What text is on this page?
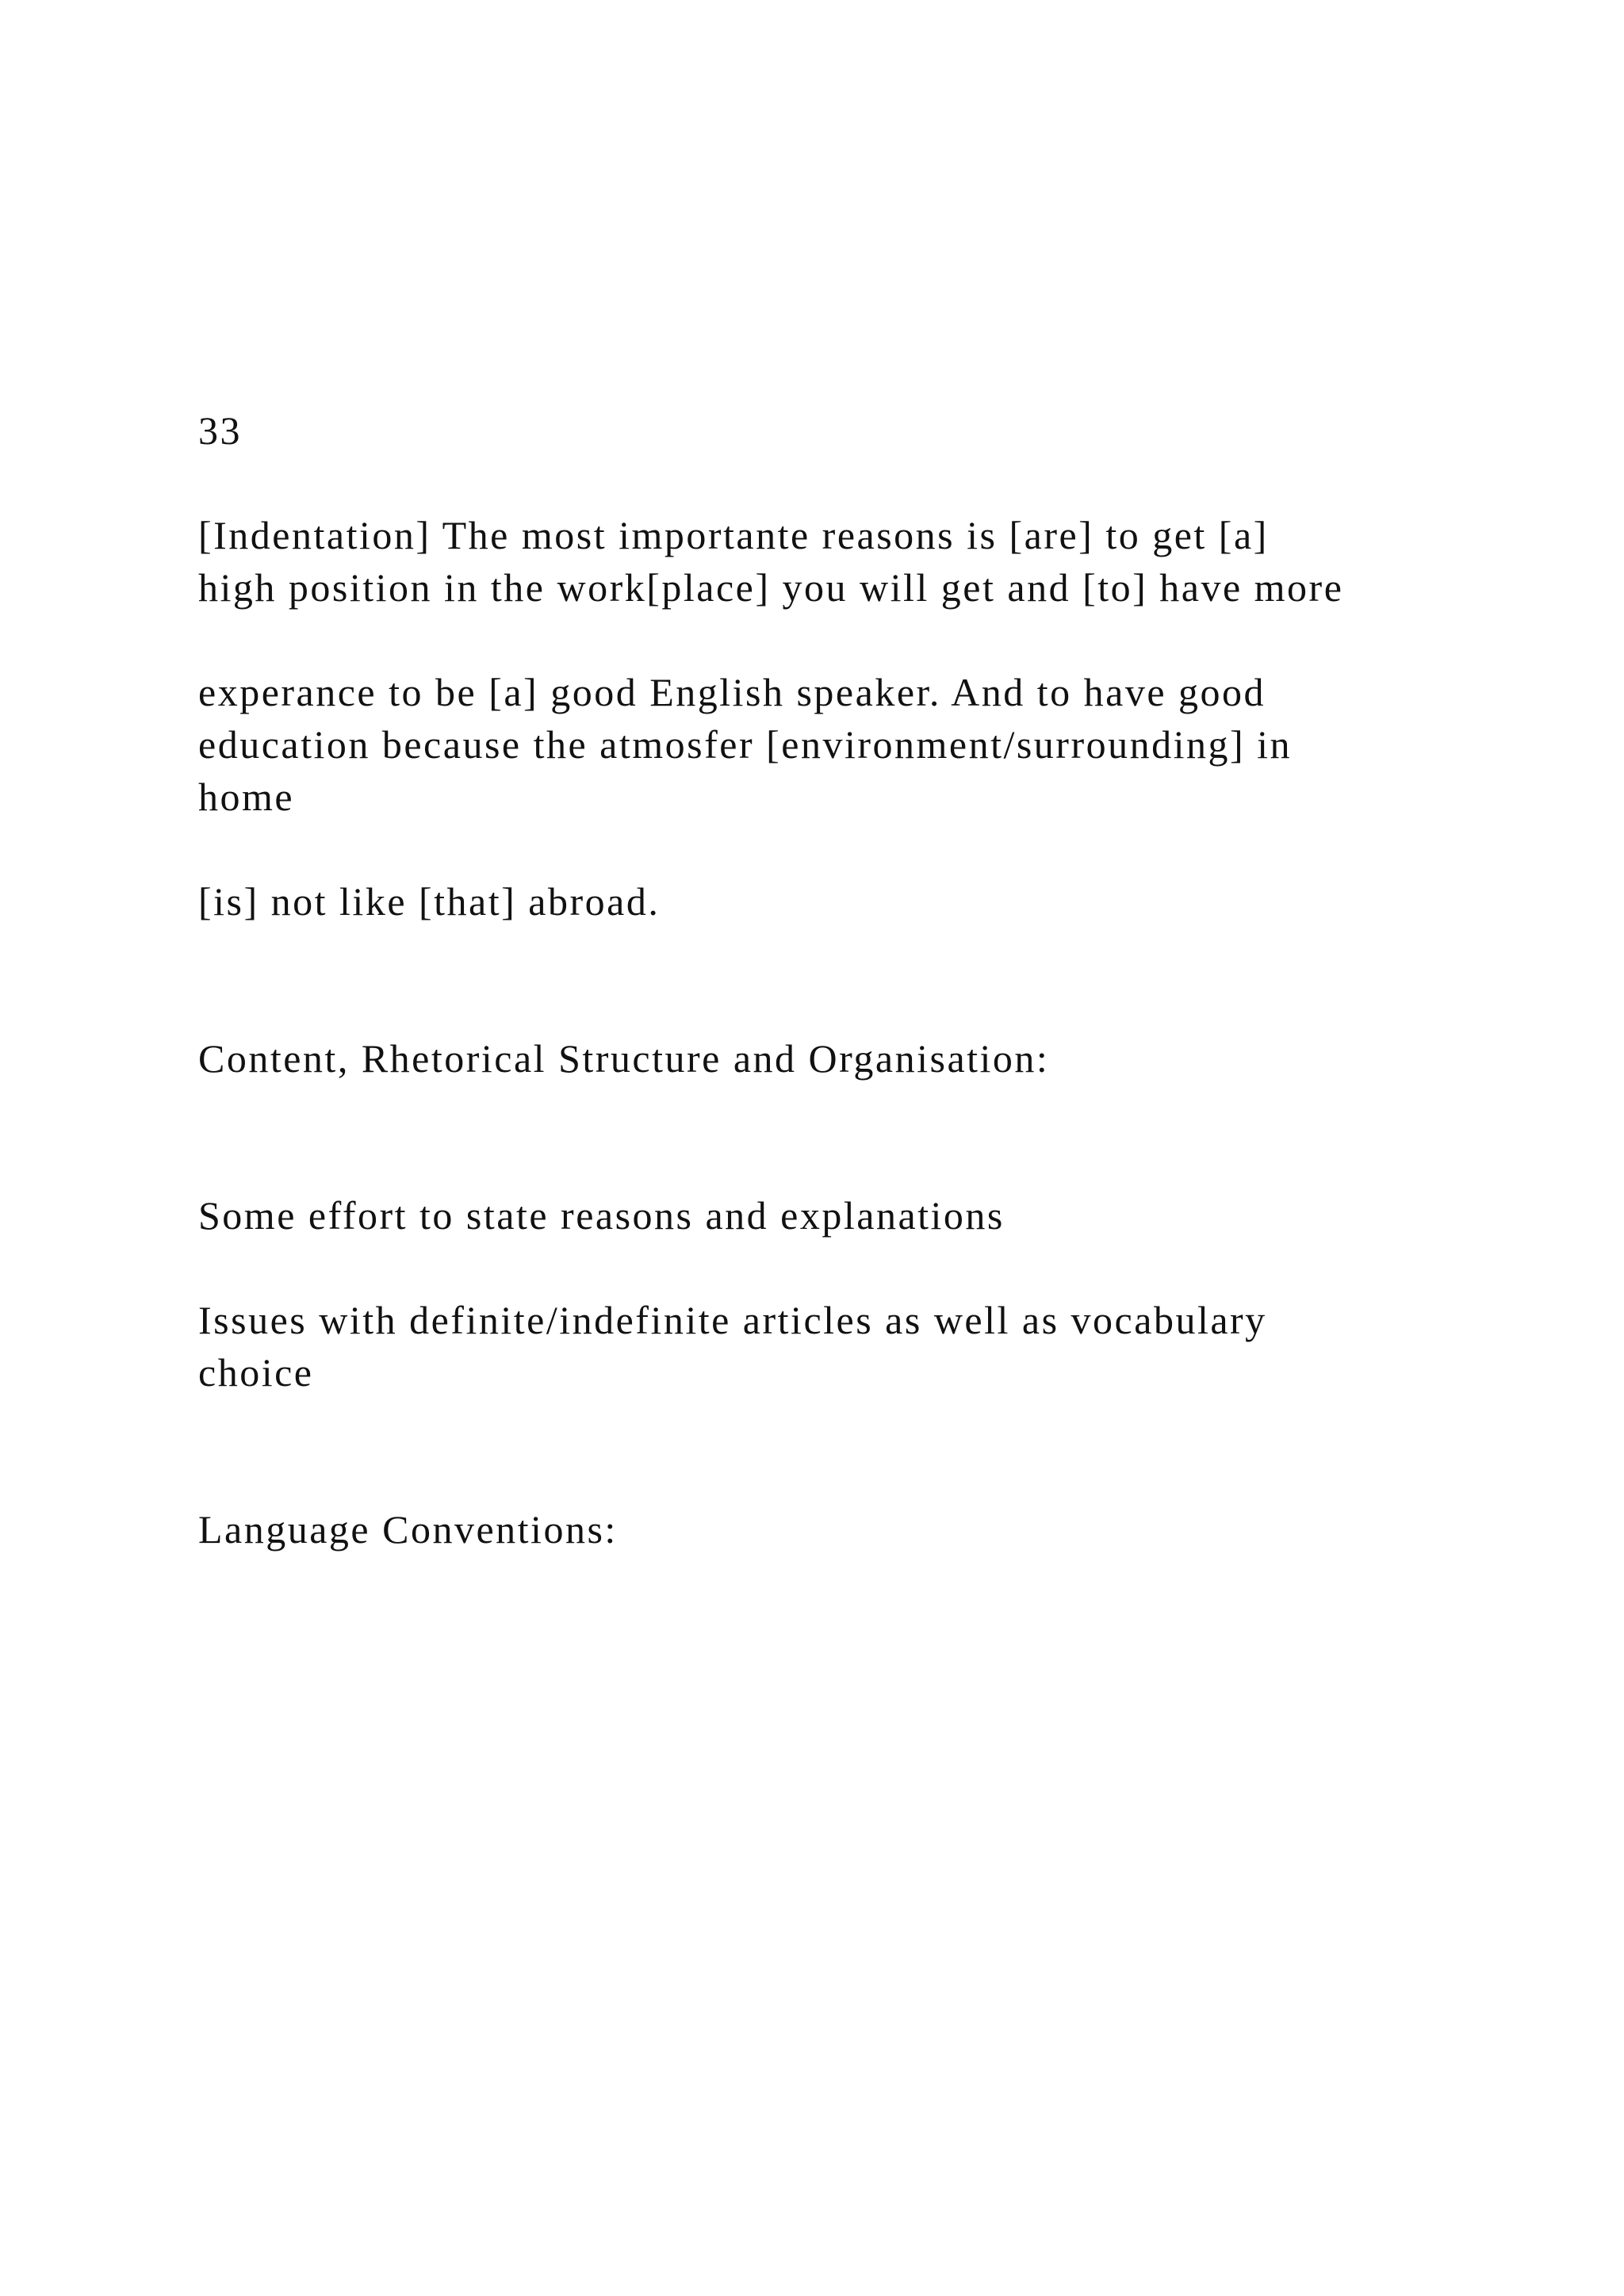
33

[Indentation] The most importante reasons is [are] to get [a]

high position in the work[place] you will get and [to] have more

experance to be [a] good English speaker. And to have good

education because the atmosfer [environment/surrounding] in

home

[is] not like [that] abroad.

Content, Rhetorical Structure and Organisation:

Some effort to state reasons and explanations

Issues with definite/indefinite articles as well as vocabulary

choice

Language Conventions:
